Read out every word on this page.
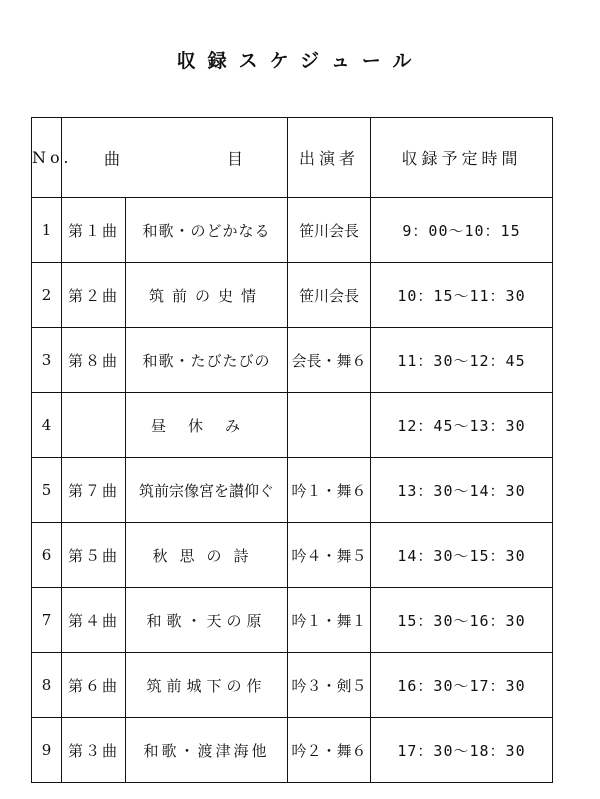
収録スケジュール
No.	曲 目		出演者	収録予定時間
1	第１曲	和歌・のどかなる	笹川会長	9：00～10：15
2	第２曲	筑前の史情	笹川会長	10：15～11：30
3	第８曲	和歌・たびたびの	会長・舞６	11：30～12：45
4		昼休み		12：45～13：30
5	第７曲	筑前宗像宮を讃仰ぐ	吟１・舞６	13：30～14：30
6	第５曲	秋思の詩	吟４・舞５	14：30～15：30
7	第４曲	和歌・天の原	吟１・舞１	15：30～16：30
8	第６曲	筑前城下の作	吟３・剣５	16：30～17：30
9	第３曲	和歌・渡津海他	吟２・舞６	17：30～18：30
